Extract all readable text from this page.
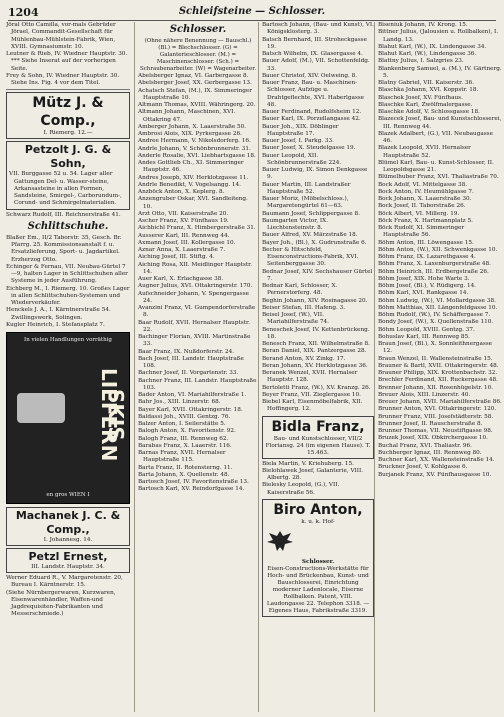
1204	Schleifsteine — Schlosser.
Jöral Otto Camilla, vor-mals Gebrüder Jörael, Commandit-Gesellschaft für Mühlenbau-Mühlstein-Fabrik, Wien, XVIII. Gymnasiumstr. 10.
Leutner & Rieb, IV. Wiedner Hauptstr. 30. *** Siehe Inserat auf der vorherigen Seite.
Frey & Sohn, IV. Wiedner Hauptstr. 30. Siehe Ins. Fig. 4 vor dem Titel.
Mütz J. & Comp.,
I. Riemerg. 12.—
Petzolt J. G. & Sohn,
VII. Burggasse 52 u. 54. Lager aller Gattungen Del- u. Wasser-steine, Arkansasteine in allen Formen, Sandsteine, Smirgel-, Carborundum-, Corund- und Schmirgelmaterialien.
Schwarz Rudolf, III. Reichnerstraße 41.
Schlittschuhe.
Blaßer Em., II/2 Taborstr. 35, Gesch. Br. Pfarrg. 25. Kommissionsanstalt f. u. Ersatzlieferung, Sport- u. Jagdartikel. Erzherzog Otto.
Echinger & Fernau, VII. Neubau-Gürtel 7—9, halten Lager in Schlittschuhen aller Systeme in jeder Ausführung.
Eichberg M., I. Riemerg. 10. Großes Lager in allen Schlittschuhen-Systemen und Wiederverkäufer.
Henckels J. A., I. Kärntnerstraße 54. Zwillingswerk, Solingen.
Kugler Heinrich, I. Stefansplatz 7.
In vielen Handlungen vorräthig
SKIS LIEFERN
en gros WIEN I
Machanek J. C. & Comp.,
I. Johannesg. 14.
Petzl Ernest,
III. Landstr. Hauptstr. 34.
Werner Eduard R., V. Margaretenstr. 20, Bureau I. Kärntnerstr. 15.
(Siehe Nürnbergerwaren, Kurzwaren, Eisenwarenhändler, Waffen-und Jagdrequisiten-Fabrikanten und Messerschmiede.)
Schlosser.
(Ohne nähere Benennung — Bauschl.) (Bl.) = Blechschlosser. (G) = Galanterieschlosser. (M.) = Maschinenschlosser. (Sch.) = Schraubenarbeiter. (W) = Wagenarbeiter.
Abelsberger Ignaz, VI. Garbergasse 8.
Abelsberger Josef, XX. Gerbergasse 13.
Achatsch Stefan, (M.), IX. Simmeringer Hauptstraße 10.
Altmann Thomas, XVIII. Währingerg. 20.
Altmann Johann, Maschinen, XVI. Ottakring 47.
Amberger Johann, X. Laaerstraße 50.
Ambrosi Alois, XIX. Pyrkergasse 26.
Andree Hermann, V. Nikolsdorferg. 16.
Andrle Johann, V. Schönbrunnerstr. 31.
Anderle Rosalie, XVI. Liebhartsgasse 18.
Andes Gottlieb Ch., XI. Simmeringer Hauptstr. 46.
Andres Joseph, XIV. Herklotzgasse 11.
Andrle Benedikt, V. Vogelsangg. 14.
Anzböck Anton, X. Keplerg. 8.
Anzengruber Oskar, XVI. Sandleiteng. 10.
Arzt Otto, VII. Kaiserstraße 20.
Ascher Franz, XV. Fünfhaus 19.
Aichbichl Franz, X. Himbergerstraße 31.
Ausserer Karl, III. Rennweg 44.
Axmann Josef, III. Kollergasse 10.
Aznar Anna, X. Laaerstraße 7.
Aiching Josef, III. Stiftg. 4.
Aiching Rosa, XII. Meidlinger Hauptstr. 14.
Auer Karl, X. Erlachgasse 38.
Augner Julius, XVI. Ottakringerstr. 170.
Aufschneider Johann, V. Spengergasse 24.
Avanzini Franz, VI. Gumpendorferstraße 8.
Baar Rudolf, XVII. Hernalser Hauptstr. 22.
Bachinger Florian, XVIII. Martinstraße 33.
Baar Franz, IX. Nußdorferstr. 24.
Bach Josef, III. Landstr. Hauptstraße 108.
Bachner Josef, II. Vorgartenstr. 33.
Bachner Franz, III. Landstr. Hauptstraße 103.
Bader Anton, VI. Mariahilferstraße 1.
Bahr Jos., XIII. Linzerstr. 68.
Bayer Karl, XVII. Ottakringerstr. 18.
Baldassi Joh., XVIII. Gentzg. 76.
Balzer Anton, I. Seilerstätte 5.
Balogh Anton, X. Favoritenstr. 92.
Balogh Franz, III. Rennweg 62.
Barabas Franz, X. Laaerstr. 116.
Barnas Franz, XVII. Hernalser Hauptstraße 115.
Barta Franz, II. Rotensterng. 11.
Barta Johann, X. Quellenstr. 48.
Bartosch Josef, IV. Favoritenstraße 13.
Bartosch Karl, XV. Reindorfgasse 14.
Bartosch Johann, (Bau- und Kunst), VI. Königsklosterg. 3.
Batsch Bernhard, III. Stroheckgasse 19.
Batsch Wilhelm, IX. Glasergasse 4.
Bauer Adolf, (M.), VII. Schottenfeldg. 33.
Bauer Christof, XIV. Oelweing. 8.
Bauer Franz, Bau- u. Maschinen-Schlosser, Aufzüge u. Drahtgeflechte, XVI. Haberlgasse 48.
Bauer Ferdinand, Rudolfsheim 12.
Bauer Karl, IX. Porzellangasse 42.
Bauer Joh., XIX. Döblinger Hauptstraße 17.
Bauer Josef, I. Parkg. 33.
Bauer Josef, X. Steudelgasse 19.
Bauer Leopold, XII. Schönbrunnerstraße 224.
Bauer Ludwig, IX. Simon Denkgasse 9.
Bauer Martin, III. Landstraßer Hauptstraße 52.
Bauer Moriz, (Möbelschloss.), Margaretengürtel 61—63.
Baumann Josef, Schlippergasse 8.
Baumgarten Victor, IX. Liechtensteinstr. 8.
Bauer Alfred, XV. Märzstraße 18.
Bayer Joh., (Bl.), X. Gudrunstraße 6.
Becher & Hitschfeld, Eisenconstructions-Fabrik, XVI. Seitenberggasse 30.
Bednar Josef, XIV. Sechshauser Gürtel 7.
Bednar Karl, Schlosser, X. Pernerstorferg. 48.
Beghin Johann, XIV. Rosinagasse 20.
Beiser Stefan, III. Hafeng. 3.
Beisel Josef, (W.), VII. Mariahilferstraße 74.
Beneschek Josef, IV. Kettenbrückeng. 18.
Benesch Franz, XII. Wilhelmstraße 8.
Beran Daniel, XIX. Pantzergasse 28.
Berand Anton, XV. Zinkg. 17.
Beran Johann, XV. Herklotzgasse 36.
Beranek Wenzel, XVII. Hernalser Hauptstr. 128.
Bertoletti Franz, (W.), XV. Kranzg. 26.
Beyer Franz, VII. Zieglergasse 10.
Biebel Karl, Eisenmöbelfabrik, XII. Hoffingerg. 12.
Bidla Franz,
Bau- und Kunstschlosser, VII/2 Floriansg. 24 (im eigenen Hause). T. 15.463.
Biela Martin, V. Kriehuberg. 15.
Bielohlawek Josef, Galanterie, VIII. Albertg. 28.
Bielesky Leopold, (G.), VII. Kaiserstraße 56.
Biro Anton,
k. u. k. Hof-
Schlosser.
Eisen-Constructions-Werkstätte für Hoch- und Brückenbau, Kunst- und Bauschlosserei, Einrichtung moderner Ladenlocale, Eiserne Rollbalken. Patent, VIII. Laudongasse 22. Telephon 3318. — Eigenes Haus, Fabrikstraße 3319.
Biseniuk Johann, IV. Krong. 15.
Bittner Julius, (Jalousien u. Rollbalken), I. Landg. 13.
Blahut Karl, (W.), IX. Lindengasse 34.
Blahut Karl, (W.), Lindengasse 36.
Blattny Julius, I. Salzgries 23.
Blankenberg Samuel, a. (M.), IV. Gärtnerg. 5.
Blatny Gabriel, VII. Kaiserstr. 36.
Blaschka Johann, XVI. Koppstr. 18.
Blaschek Josef, XV. Fünfhaus.
Blaschke Karl, Zwölfmalergasse.
Blaschke Adolf, V. Schlossgasse 18.
Blazecek Josef, Bau- und Kunstschlosserei, III. Rennweg 44.
Blazek Adalbert, (G.), VII. Neubaugasse 46.
Blazek Leopold, XVII. Hernalser Hauptstraße 52.
Blümel Karl, Bau- u. Kunst-Schlosser, II. Leopoldsgasse 21.
Blümelhuber Franz, XVI. Thaliastraße 70.
Bock Adolf, VI. Mittelgasse 38.
Bock Anton, IV. Heumühlgasse 7.
Bock Johann, X. Laaerstraße 30.
Bock Josef, II. Taborstraße 26.
Böck Albert, VI. Millerg. 19.
Böck Franz, X. Hartmannplatz 5.
Böck Rudolf, XI. Simmeringer Hauptstraße 56.
Böhm Anton, III. Löwengasse 15.
Böhm Anton, (W.), XII. Schwenkgasse 10.
Böhm Franz, IX. Lazarethgasse 4.
Böhm Franz, X. Laxenburgerstraße 48.
Böhm Heinrich, III. Erdbergstraße 26.
Böhm Josef, XIX. Hohe Warte 3.
Böhm Josef, (Bl.), V. Rüdigerg. 14.
Böhm Karl, XVI. Rankgasse 14.
Böhm Ludwig, (W.), VI. Mollardgasse 38.
Böhm Matthias, XII. Längenfeldgasse 10.
Böhm Rudolf, (W.), IV. Schäffergasse 7.
Bondy Josef, (W.), X. Quellenstraße 110.
Böhm Leopold, XVIII. Gentzg. 37.
Bohuslav Karl, III. Rennweg 85.
Braun Josef, (Bl.), X. Sonnleithnergasse 12.
Braun Wenzel, II. Wallensteinstraße 15.
Brauner & Bartl, XVII. Ottakringerstr. 48.
Brauner Philipp, XIX. Krottenbachstr. 32.
Brechler Ferdinand, XII. Ruckergasse 48.
Brenner Johann, XII. Rosenhügelstr. 10.
Breuer Alois, XIII. Linzerstr. 40.
Breuer Johann, XVII. Mariahilferstraße 86.
Brunner Anton, XVI. Ottakringerstr. 120.
Brunner Franz, VIII. Josefstädterstr. 58.
Brunner Josef, II. Rauscherstraße 8.
Brunner Thomas, VII. Neustiftgasse 98.
Bruzek Josef, XIX. Obkirchergasse 10.
Buchal Franz, XVI. Thaliastr. 96.
Buchberger Ignaz, III. Rennweg 80.
Buchner Karl, XX. Wallensteinstraße 14.
Bruckner Josef, V. Kohlgasse 6.
Burjanek Franz, XV. Fünfhausgasse 10.
